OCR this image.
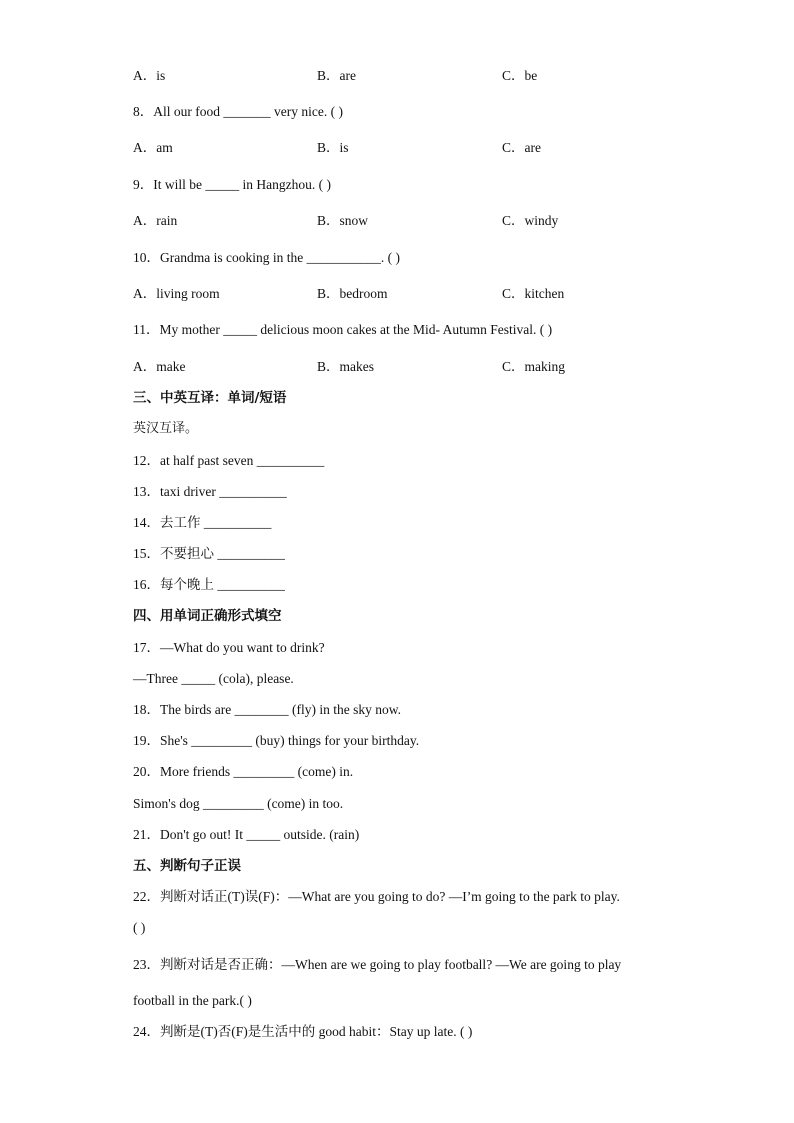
A．is	B．are	C．be
8．All our food _______ very nice. ( )
A．am	B．is	C．are
9．It will be _____ in Hangzhou. ( )
A．rain	B．snow	C．windy
10．Grandma is cooking in the ___________. ( )
A．living room	B．bedroom	C．kitchen
11．My mother _____ delicious moon cakes at the Mid- Autumn Festival. ( )
A．make	B．makes	C．making
三、中英互译：单词/短语
英汉互译。
12．at half past seven __________
13．taxi driver __________
14．去工作 __________
15．不要担心 __________
16．每个晚上 __________
四、用单词正确形式填空
17．—What do you want to drink?
—Three _____ (cola), please.
18．The birds are ________ (fly) in the sky now.
19．She's _________ (buy) things for your birthday.
20．More friends _________ (come) in.
Simon's dog _________ (come) in too.
21．Don't go out! It _____ outside. (rain)
五、判断句子正误
22．判断对话正(T)误(F)：—What are you going to do? —I’m going to the park to play.
( )
23．判断对话是否正确：—When are we going to play football? —We are going to play
football in the park.( )
24．判断是(T)否(F)是生活中的 good habit：Stay up late. ( )
